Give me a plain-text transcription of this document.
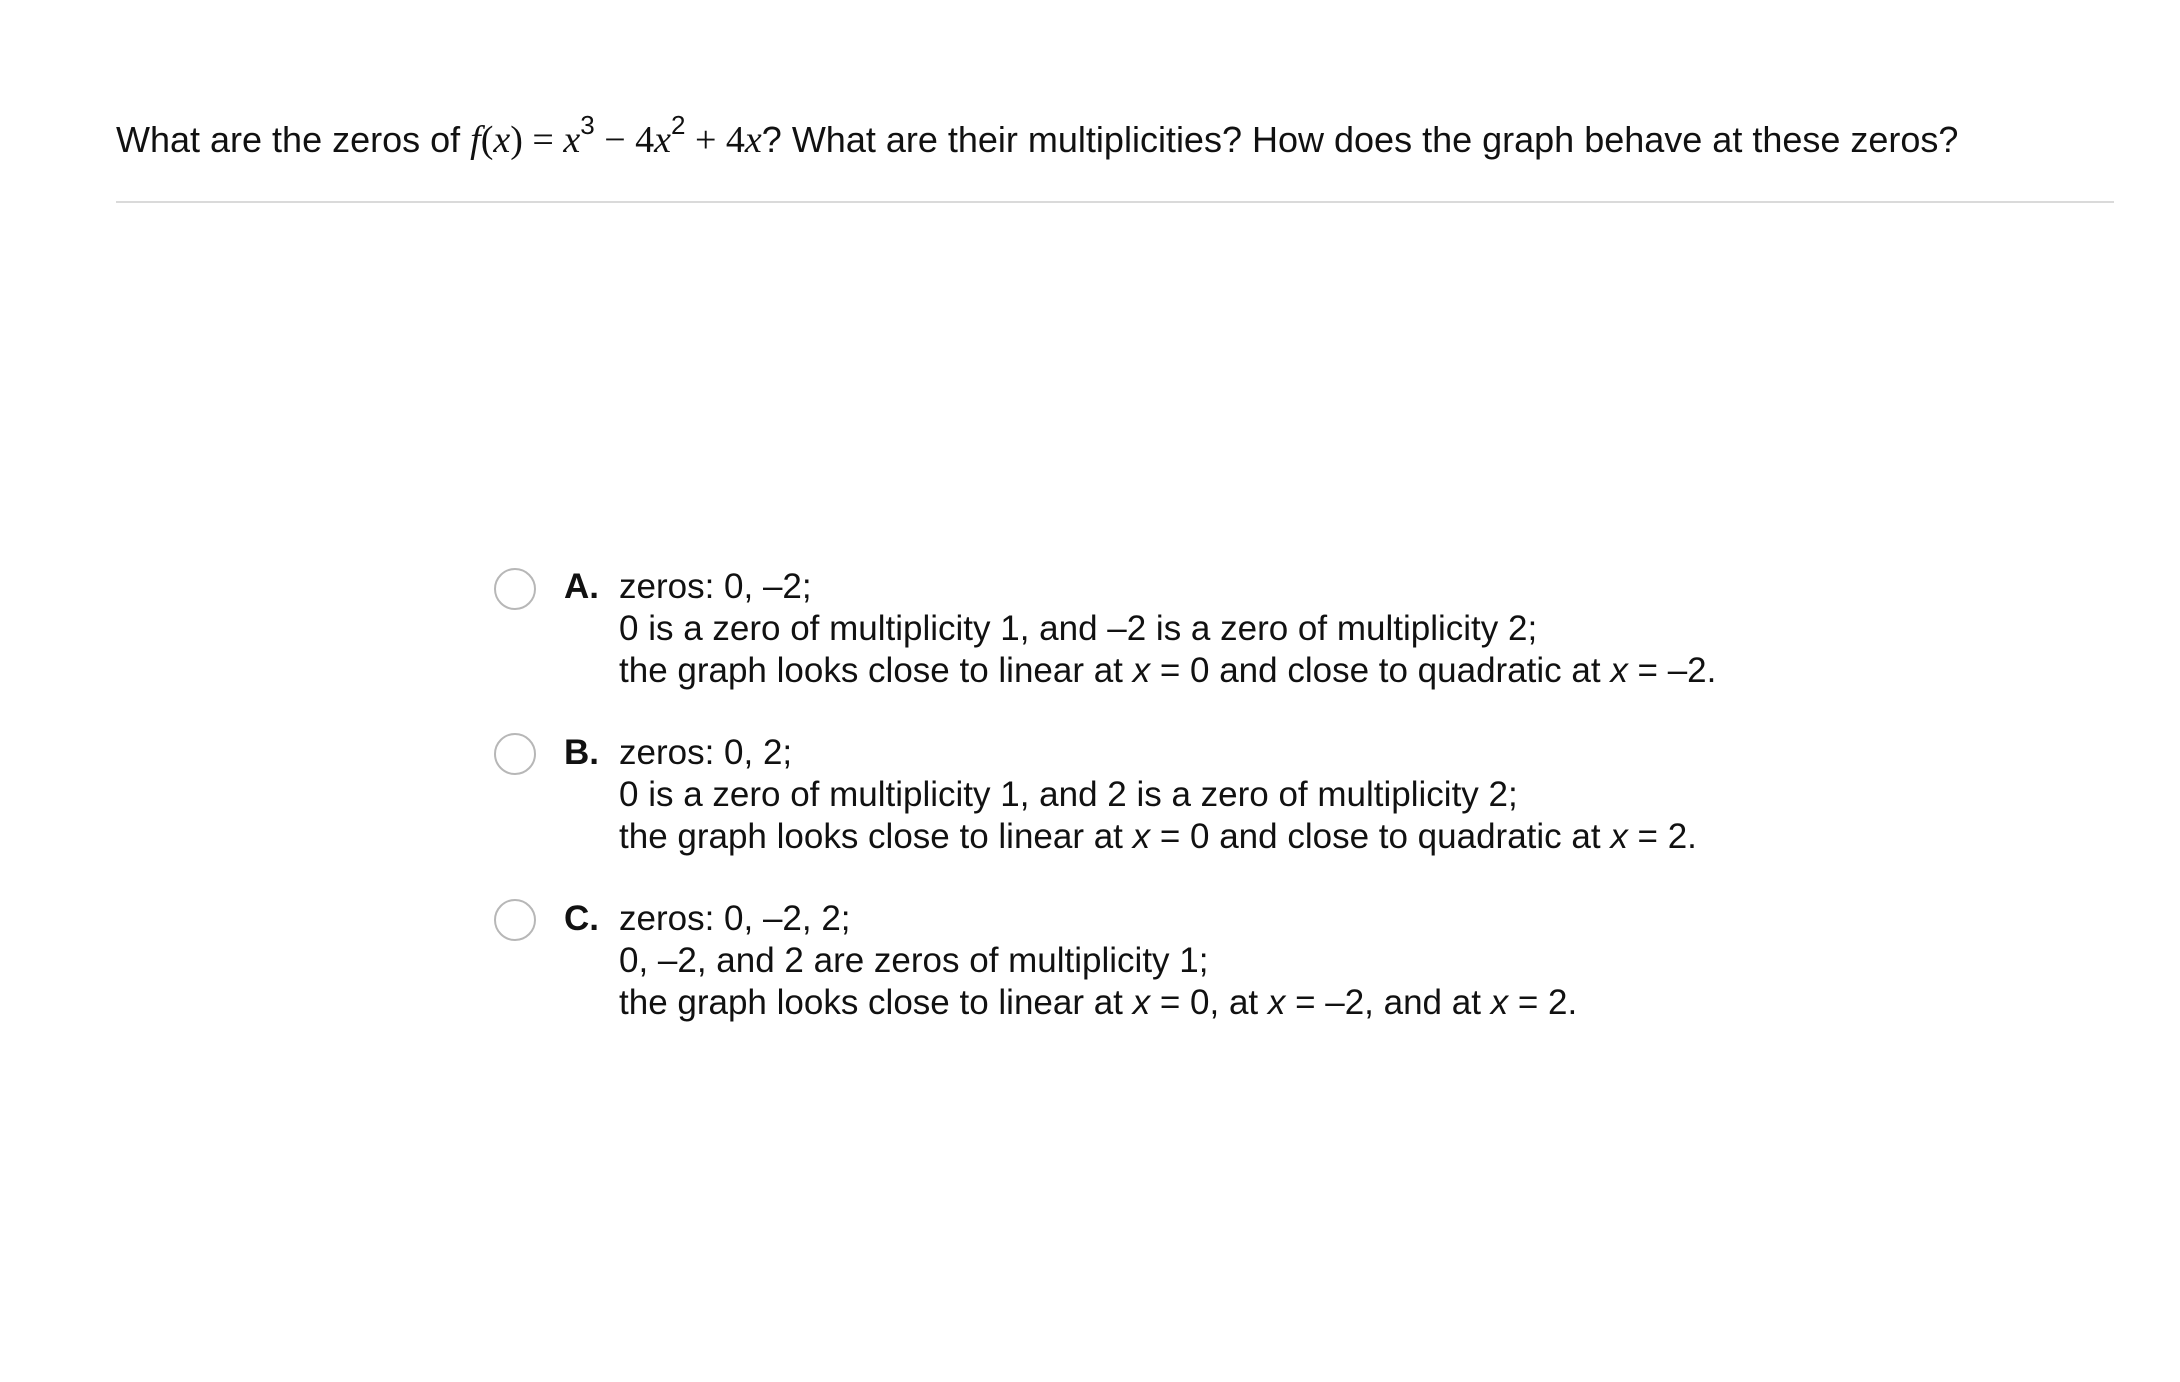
What are the zeros of $f(x) = x^3 - 4x^2 + 4x$? What are their multiplicities? How does the graph behave at these zeros?
A. zeros: 0, –2;
0 is a zero of multiplicity 1, and –2 is a zero of multiplicity 2;
the graph looks close to linear at x = 0 and close to quadratic at x = –2.
B. zeros: 0, 2;
0 is a zero of multiplicity 1, and 2 is a zero of multiplicity 2;
the graph looks close to linear at x = 0 and close to quadratic at x = 2.
C. zeros: 0, –2, 2;
0, –2, and 2 are zeros of multiplicity 1;
the graph looks close to linear at x = 0, at x = –2, and at x = 2.
